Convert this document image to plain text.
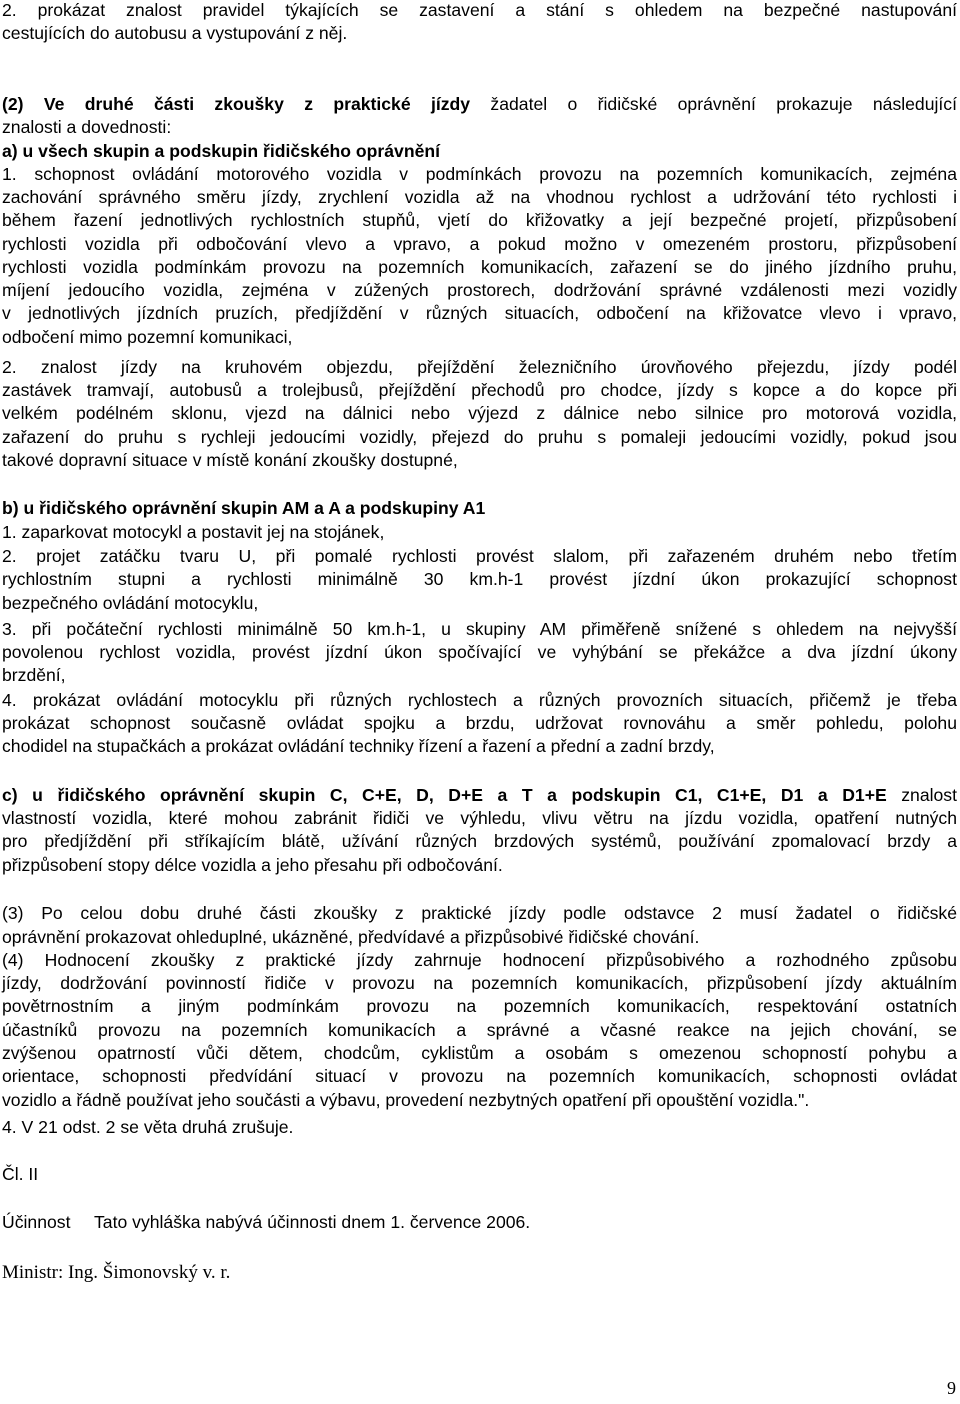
2. prokázat znalost pravidel týkajících se zastavení a stání s ohledem na bezpečné nastupování
cestujících do autobusu a vystupování z něj.
(2) Ve druhé části zkoušky z praktické jízdy žadatel o řidičské oprávnění prokazuje následující
znalosti a dovednosti:
a) u všech skupin a podskupin řidičského oprávnění
1. schopnost ovládání motorového vozidla v podmínkách provozu na pozemních komunikacích, zejména
zachování správného směru jízdy, zrychlení vozidla až na vhodnou rychlost a udržování této rychlosti i
během řazení jednotlivých rychlostních stupňů, vjetí do křižovatky a její bezpečné projetí, přizpůsobení
rychlosti vozidla při odbočování vlevo a vpravo, a pokud možno v omezeném prostoru, přizpůsobení
rychlosti vozidla podmínkám provozu na pozemních komunikacích, zařazení se do jiného jízdního pruhu,
míjení jedoucího vozidla, zejména v zúžených prostorech, dodržování správné vzdálenosti mezi vozidly
v jednotlivých jízdních pruzích, předjíždění v různých situacích, odbočení na křižovatce vlevo i vpravo,
odbočení mimo pozemní komunikaci,
2. znalost jízdy na kruhovém objezdu, přejíždění železničního úrovňového přejezdu, jízdy podél
zastávek tramvají, autobusů a trolejbusů, přejíždění přechodů pro chodce, jízdy s kopce a do kopce při
velkém podélném sklonu, vjezd na dálnici nebo výjezd z dálnice nebo silnice pro motorová vozidla,
zařazení do pruhu s rychleji jedoucími vozidly, přejezd do pruhu s pomaleji jedoucími vozidly, pokud jsou
takové dopravní situace v místě konání zkoušky dostupné,
b) u řidičského oprávnění skupin AM a A a podskupiny A1
1. zaparkovat motocykl a postavit jej na stojánek,
2. projet zatáčku tvaru U, při pomalé rychlosti provést slalom, při zařazeném druhém nebo třetím
rychlostním stupni a rychlosti minimálně 30 km.h-1 provést jízdní úkon prokazující schopnost
bezpečného ovládání motocyklu,
3. při počáteční rychlosti minimálně 50 km.h-1, u skupiny AM přiměřeně snížené s ohledem na nejvyšší
povolenou rychlost vozidla, provést jízdní úkon spočívající ve vyhýbání se překážce a dva jízdní úkony
brzdění,
4. prokázat ovládání motocyklu při různých rychlostech a různých provozních situacích, přičemž je třeba
prokázat schopnost současně ovládat spojku a brzdu, udržovat rovnováhu a směr pohledu, polohu
chodidel na stupačkách a prokázat ovládání techniky řízení a řazení a přední a zadní brzdy,
c) u řidičského oprávnění skupin C, C+E, D, D+E a T a podskupin C1, C1+E, D1 a D1+E znalost
vlastností vozidla, které mohou zabránit řidiči ve výhledu, vlivu větru na jízdu vozidla, opatření nutných
pro předjíždění při stříkajícím blátě, užívání různých brzdových systémů, používání zpomalovací brzdy a
přizpůsobení stopy délce vozidla a jeho přesahu při odbočování.
(3) Po celou dobu druhé části zkoušky z praktické jízdy podle odstavce 2 musí žadatel o řidičské
oprávnění prokazovat ohleduplné, ukázněné, předvídavé a přizpůsobivé řidičské chování.
(4) Hodnocení zkoušky z praktické jízdy zahrnuje hodnocení přizpůsobivého a rozhodného způsobu
jízdy, dodržování povinností řidiče v provozu na pozemních komunikacích, přizpůsobení jízdy aktuálním
povětrnostním a jiným podmínkám provozu na pozemních komunikacích, respektování ostatních
účastníků provozu na pozemních komunikacích a správné a včasné reakce na jejich chování, se
zvýšenou opatrností vůči dětem, chodcům, cyklistům a osobám s omezenou schopností pohybu a
orientace, schopnosti předvídání situací v provozu na pozemních komunikacích, schopnosti ovládat
vozidlo a řádně používat jeho součásti a výbavu, provedení nezbytných opatření při opouštění vozidla.".
4. V 21 odst. 2 se věta druhá zrušuje.
Čl. II
Účinnost Tato vyhláška nabývá účinnosti dnem 1. července 2006.
Ministr: Ing. Šimonovský v. r.
9
